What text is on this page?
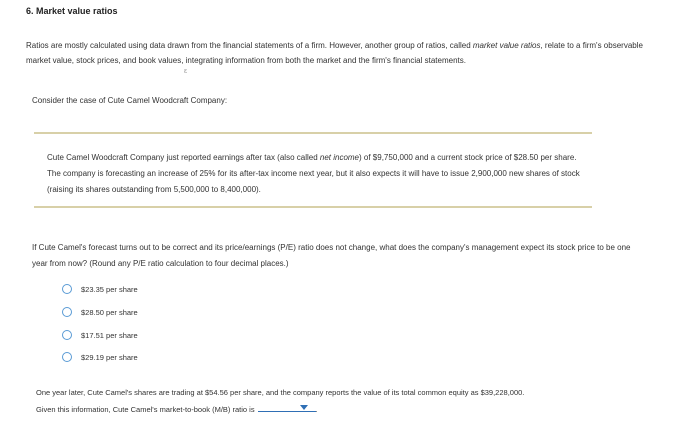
6. Market value ratios
Ratios are mostly calculated using data drawn from the financial statements of a firm. However, another group of ratios, called market value ratios, relate to a firm's observable market value, stock prices, and book values, integrating information from both the market and the firm's financial statements.
ε
Consider the case of Cute Camel Woodcraft Company:
Cute Camel Woodcraft Company just reported earnings after tax (also called net income) of $9,750,000 and a current stock price of $28.50 per share. The company is forecasting an increase of 25% for its after-tax income next year, but it also expects it will have to issue 2,900,000 new shares of stock (raising its shares outstanding from 5,500,000 to 8,400,000).
If Cute Camel's forecast turns out to be correct and its price/earnings (P/E) ratio does not change, what does the company's management expect its stock price to be one year from now? (Round any P/E ratio calculation to four decimal places.)
$23.35 per share
$28.50 per share
$17.51 per share
$29.19 per share
One year later, Cute Camel's shares are trading at $54.56 per share, and the company reports the value of its total common equity as $39,228,000.
Given this information, Cute Camel's market-to-book (M/B) ratio is	.
